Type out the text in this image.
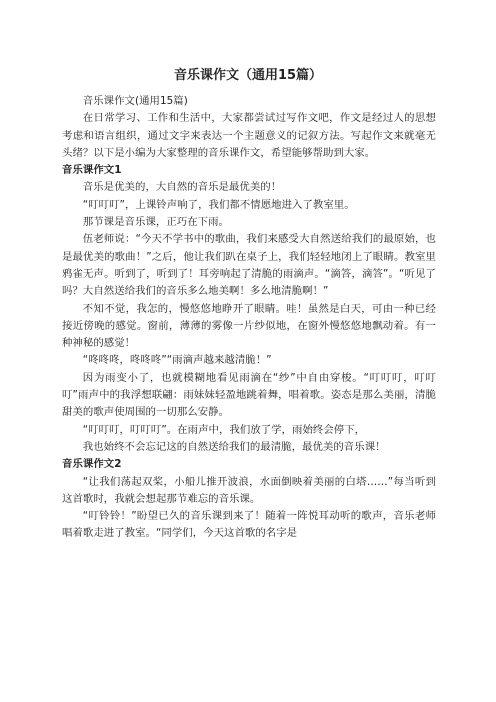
音乐课作文（通用15篇）

音乐课作文(通用15篇)

在日常学习、工作和生活中，大家都尝试过写作文吧，作文是经过人的思想考虑和语言组织，通过文字来表达一个主题意义的记叙方法。写起作文来就毫无头绪？以下是小编为大家整理的音乐课作文，希望能够帮助到大家。

音乐课作文1

音乐是优美的，大自然的音乐是最优美的！

“叮叮叮”，上课铃声响了，我们都不情愿地进入了教室里。

那节课是音乐课，正巧在下雨。

伍老师说：“今天不学书中的歌曲，我们来感受大自然送给我们的最原始，也是最优美的歌曲！”之后，他让我们趴在桌子上，我们轻轻地闭上了眼睛。教室里鸦雀无声。听到了，听到了！耳旁响起了清脆的雨滴声。“滴答，滴答”。“听见了吗？大自然送给我们的音乐多么地美啊！多么地清脆啊！”

不知不觉，我怎的，慢悠悠地睁开了眼睛。哇！虽然是白天，可由一种已经接近傍晚的感觉。窗前，薄薄的雾像一片纱似地，在窗外慢悠悠地飘动着。有一种神秘的感觉！

“咚咚咚，咚咚咚”“雨滴声越来越清脆！”

因为雨变小了，也就模糊地看见雨滴在“纱”中自由穿梭。“叮叮叮，叮叮叮”雨声中的我浮想联翩：雨妹妹轻盈地跳着舞，唱着歌。姿态是那么美丽，清脆甜美的歌声使周围的一切那么安静。

“叮叮叮，叮叮叮”。在雨声中，我们放了学，雨始终会停下，

我也始终不会忘记这的自然送给我们的最清脆，最优美的音乐课！

音乐课作文2

“让我们荡起双桨，小船儿推开波浪，水面倒映着美丽的白塔……”每当听到这首歌时，我就会想起那节难忘的音乐课。

“叮铃铃！”盼望已久的音乐课到来了！随着一阵悦耳动听的歌声，音乐老师唱着歌走进了教室。“同学们，今天这首歌的名字是
